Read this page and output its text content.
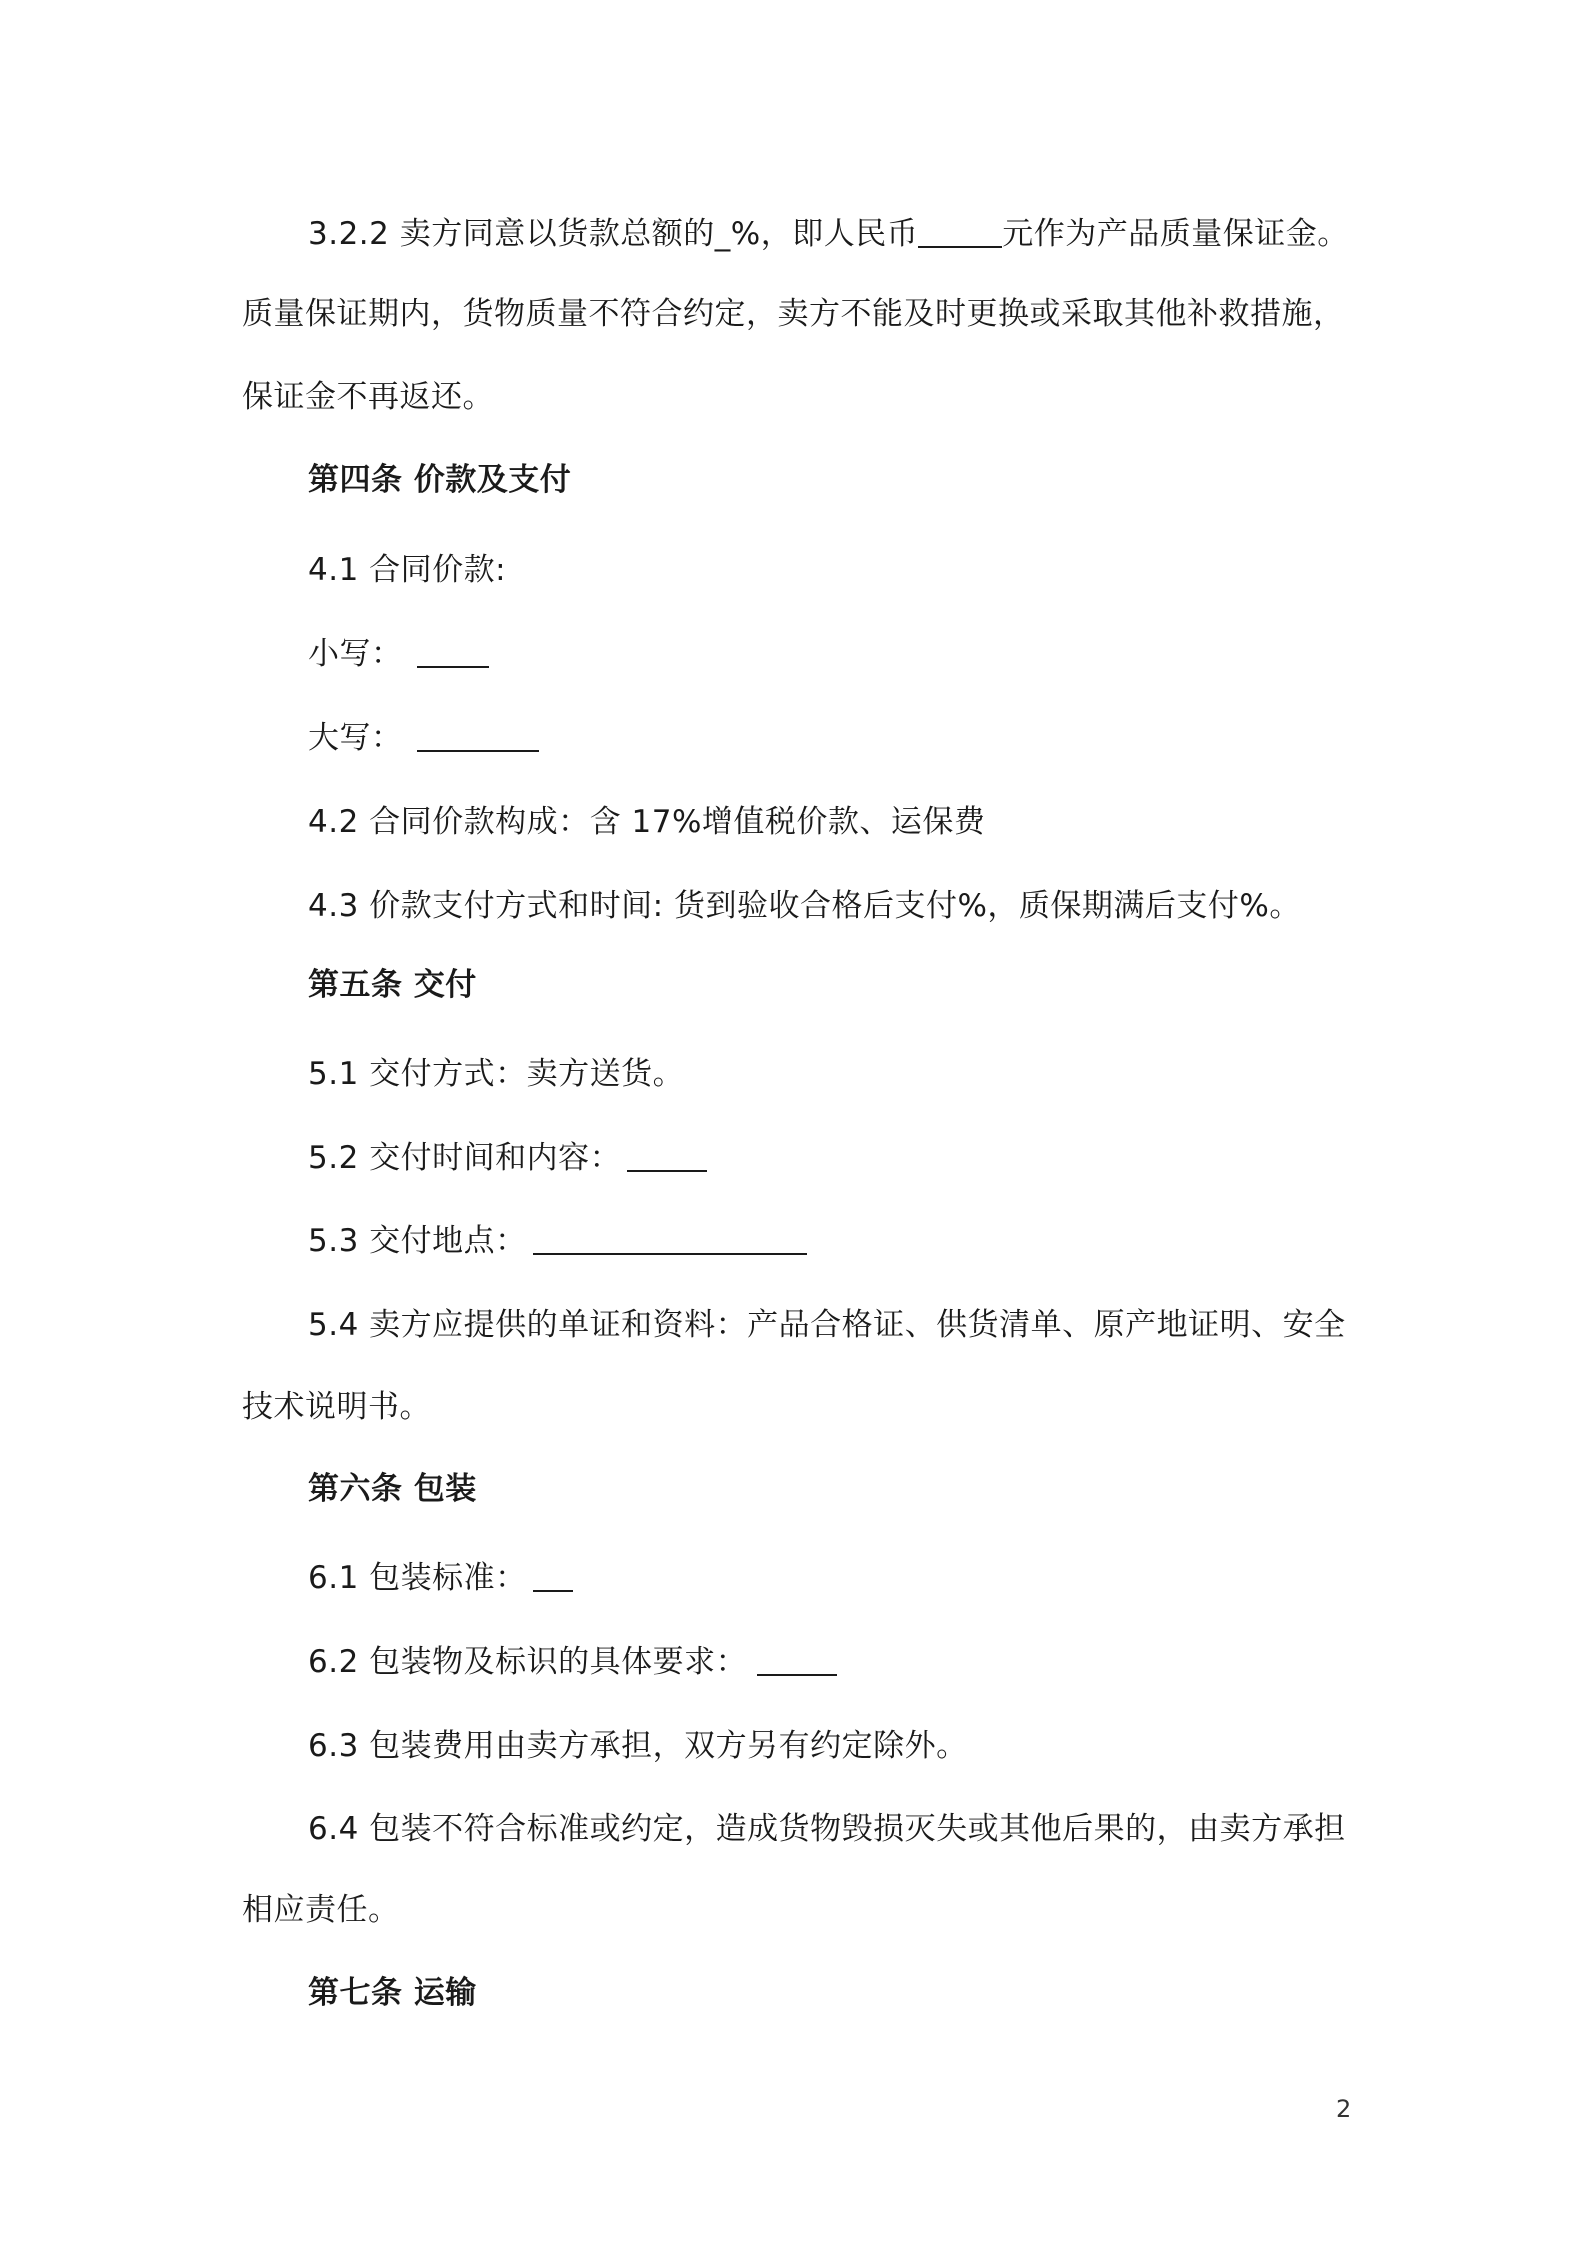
3.2.2 卖方同意以货款总额的_%，即人民币	元作为产品质量保证金。
质量保证期内，货物质量不符合约定，卖方不能及时更换或采取其他补救措施，
保证金不再返还。
第四条 价款及支付
4.1 合同价款:
小写：
大写：
4.2 合同价款构成：含 17%增值税价款、运保费
4.3 价款支付方式和时间: 货到验收合格后支付%，质保期满后支付%。
第五条 交付
5.1 交付方式：卖方送货。
5.2 交付时间和内容：
5.3 交付地点：
5.4 卖方应提供的单证和资料：产品合格证、供货清单、原产地证明、安全
技术说明书。
第六条 包装
6.1 包装标准：
6.2 包装物及标识的具体要求：
6.3 包装费用由卖方承担，双方另有约定除外。
6.4 包装不符合标准或约定，造成货物毁损灭失或其他后果的，由卖方承担
相应责任。
第七条 运输
2
